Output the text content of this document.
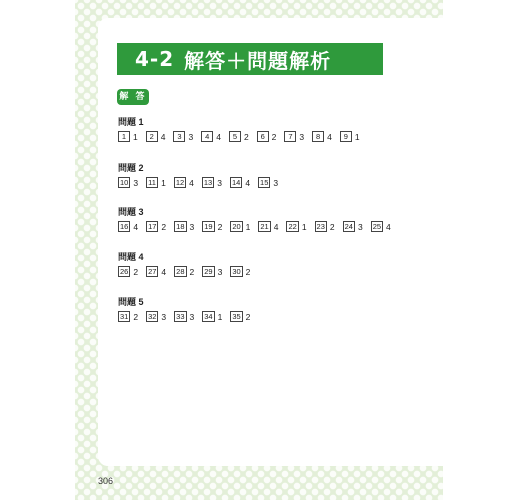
4-2 解答＋問題解析
解 答
問題 1
1 1	2 4	3 3	4 4	5 2	6 2	7 3	8 4	9 1
問題 2
10 3 11 1 12 4 13 3 14 4 15 3
問題 3
16 4 17 2 18 3 19 2 20 1 21 4 22 1 23 2 24 3 25 4
問題 4
26 2 27 4 28 2 29 3 30 2
問題 5
31 2 32 3 33 3 34 1 35 2
306
